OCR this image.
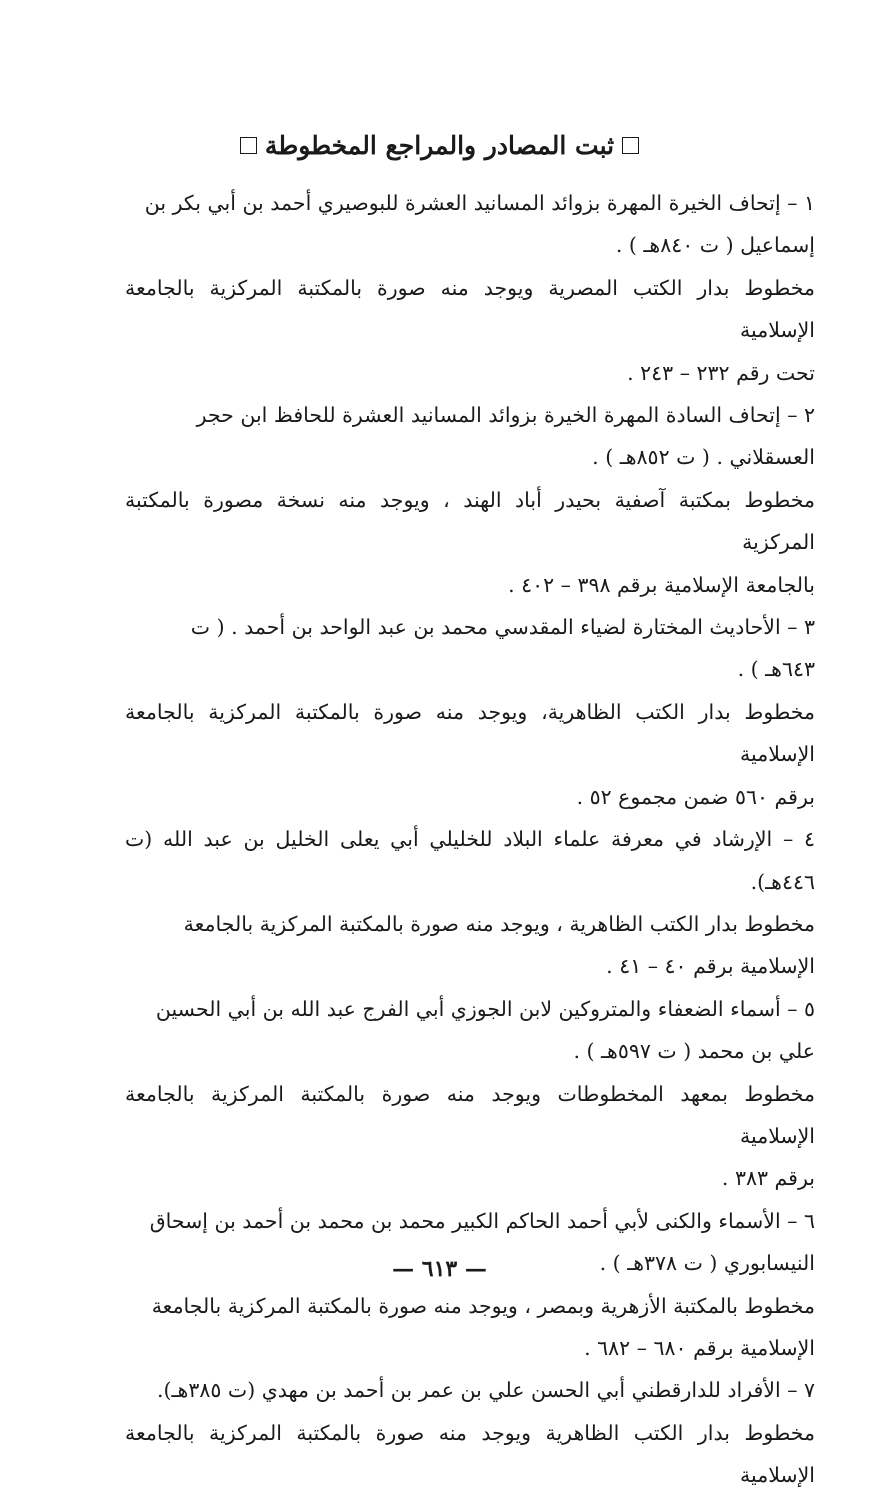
ثبت المصادر والمراجع المخطوطة
١ – إتحاف الخيرة المهرة بزوائد المسانيد العشرة للبوصيري أحمد بن أبي بكر بن
إسماعيل ( ت ٨٤٠هـ ) .
مخطوط بدار الكتب المصرية ويوجد منه صورة بالمكتبة المركزية بالجامعة الإسلامية
تحت رقم ٢٣٢ – ٢٤٣ .
٢ – إتحاف السادة المهرة الخيرة بزوائد المسانيد العشرة للحافظ ابن حجر
العسقلاني . ( ت ٨٥٢هـ ) .
مخطوط بمكتبة آصفية بحيدر أباد الهند ، ويوجد منه نسخة مصورة بالمكتبة المركزية
بالجامعة الإسلامية برقم ٣٩٨ – ٤٠٢ .
٣ – الأحاديث المختارة لضياء المقدسي محمد بن عبد الواحد بن أحمد . ( ت
٦٤٣هـ ) .
مخطوط بدار الكتب الظاهرية، ويوجد منه صورة بالمكتبة المركزية بالجامعة الإسلامية
برقم ٥٦٠ ضمن مجموع ٥٢ .
٤ – الإرشاد في معرفة علماء البلاد للخليلي أبي يعلى الخليل بن عبد الله (ت ٤٤٦هـ).
مخطوط بدار الكتب الظاهرية ، ويوجد منه صورة بالمكتبة المركزية بالجامعة
الإسلامية برقم ٤٠ – ٤١ .
٥ – أسماء الضعفاء والمتروكين لابن الجوزي أبي الفرج عبد الله بن أبي الحسين
علي بن محمد ( ت ٥٩٧هـ ) .
مخطوط بمعهد المخطوطات ويوجد منه صورة بالمكتبة المركزية بالجامعة الإسلامية
برقم ٣٨٣ .
٦ – الأسماء والكنى لأبي أحمد الحاكم الكبير محمد بن محمد بن أحمد بن إسحاق
النيسابوري ( ت ٣٧٨هـ ) .
مخطوط بالمكتبة الأزهرية وبمصر ، ويوجد منه صورة بالمكتبة المركزية بالجامعة
الإسلامية برقم ٦٨٠ – ٦٨٢ .
٧ – الأفراد للدارقطني أبي الحسن علي بن عمر بن أحمد بن مهدي (ت ٣٨٥هـ).
مخطوط بدار الكتب الظاهرية ويوجد منه صورة بالمكتبة المركزية بالجامعة الإسلامية
— ٦١٣ —
